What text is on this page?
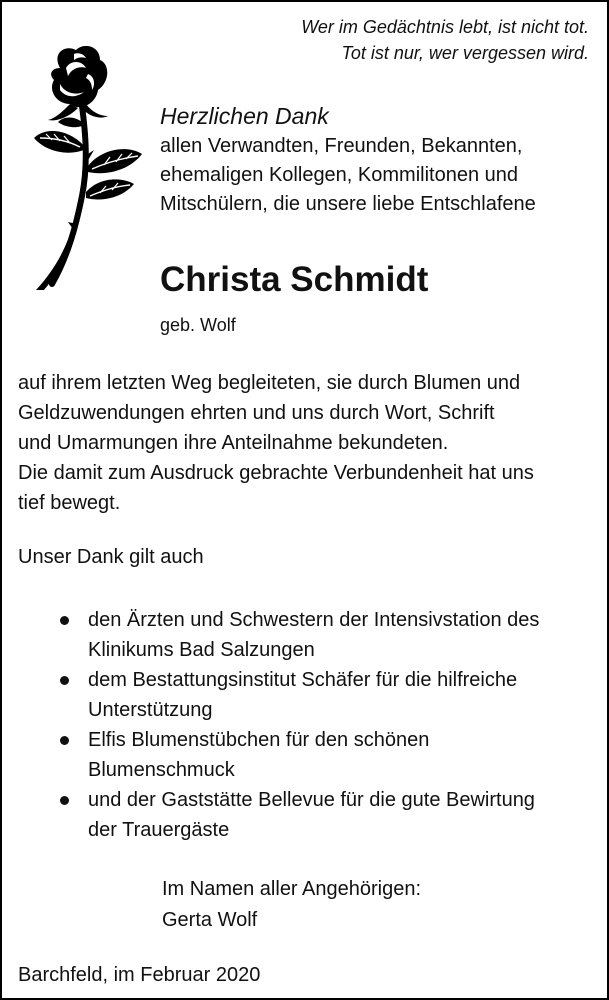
Wer im Gedächtnis lebt, ist nicht tot.
Tot ist nur, wer vergessen wird.
Herzlichen Dank
allen Verwandten, Freunden, Bekannten,
ehemaligen Kollegen, Kommilitonen und
Mitschülern, die unsere liebe Entschlafene
Christa Schmidt
geb. Wolf
auf ihrem letzten Weg begleiteten, sie durch Blumen und
Geldzuwendungen ehrten und uns durch Wort, Schrift
und Umarmungen ihre Anteilnahme bekundeten.
Die damit zum Ausdruck gebrachte Verbundenheit hat uns
tief bewegt.
Unser Dank gilt auch
den Ärzten und Schwestern der Intensivstation des
Klinikums Bad Salzungen
dem Bestattungsinstitut Schäfer für die hilfreiche
Unterstützung
Elfis Blumenstübchen für den schönen
Blumenschmuck
und der Gaststätte Bellevue für die gute Bewirtung
der Trauergäste
Im Namen aller Angehörigen:
Gerta Wolf
Barchfeld, im Februar 2020
